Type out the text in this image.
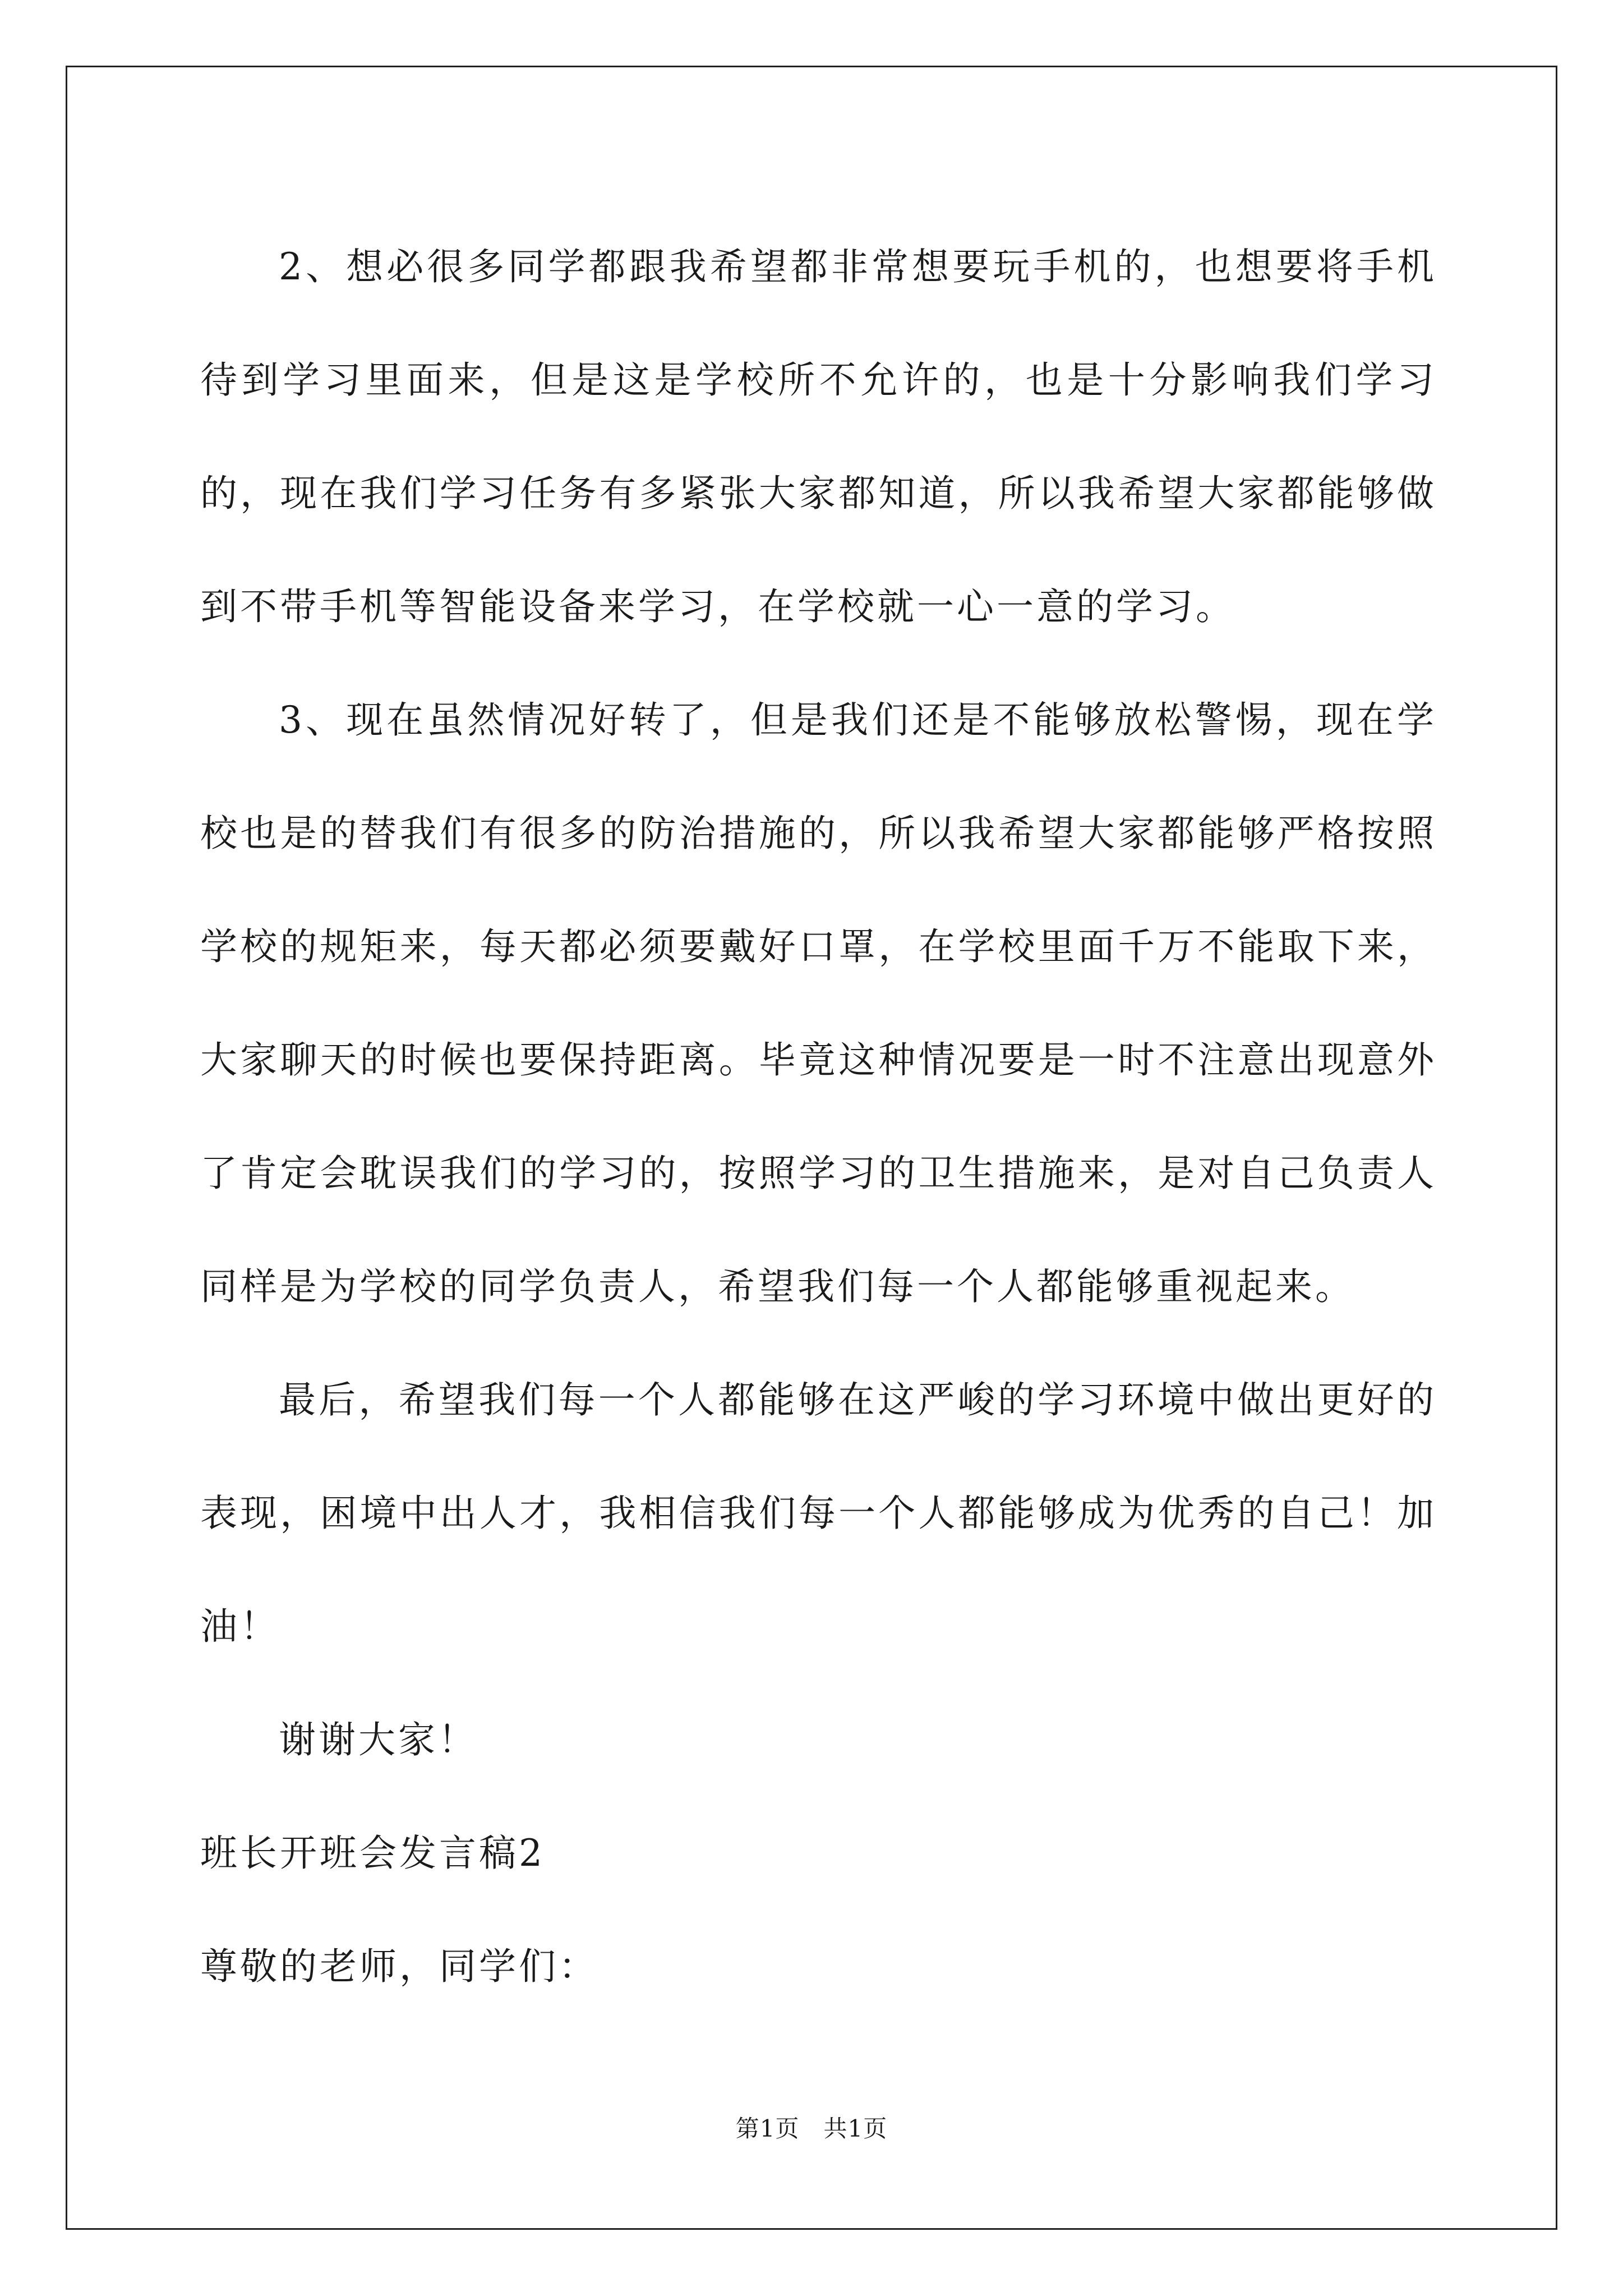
2、想必很多同学都跟我希望都非常想要玩手机的，也想要将手机待到学习里面来，但是这是学校所不允许的，也是十分影响我们学习的，现在我们学习任务有多紧张大家都知道，所以我希望大家都能够做到不带手机等智能设备来学习，在学校就一心一意的学习。

3、现在虽然情况好转了，但是我们还是不能够放松警惕，现在学校也是的替我们有很多的防治措施的，所以我希望大家都能够严格按照学校的规矩来，每天都必须要戴好口罩，在学校里面千万不能取下来，大家聊天的时候也要保持距离。毕竟这种情况要是一时不注意出现意外了肯定会耽误我们的学习的，按照学习的卫生措施来，是对自己负责人同样是为学校的同学负责人，希望我们每一个人都能够重视起来。

最后，希望我们每一个人都能够在这严峻的学习环境中做出更好的表现，困境中出人才，我相信我们每一个人都能够成为优秀的自己！加油！

谢谢大家！

班长开班会发言稿2

尊敬的老师，同学们：

第1页　共1页
